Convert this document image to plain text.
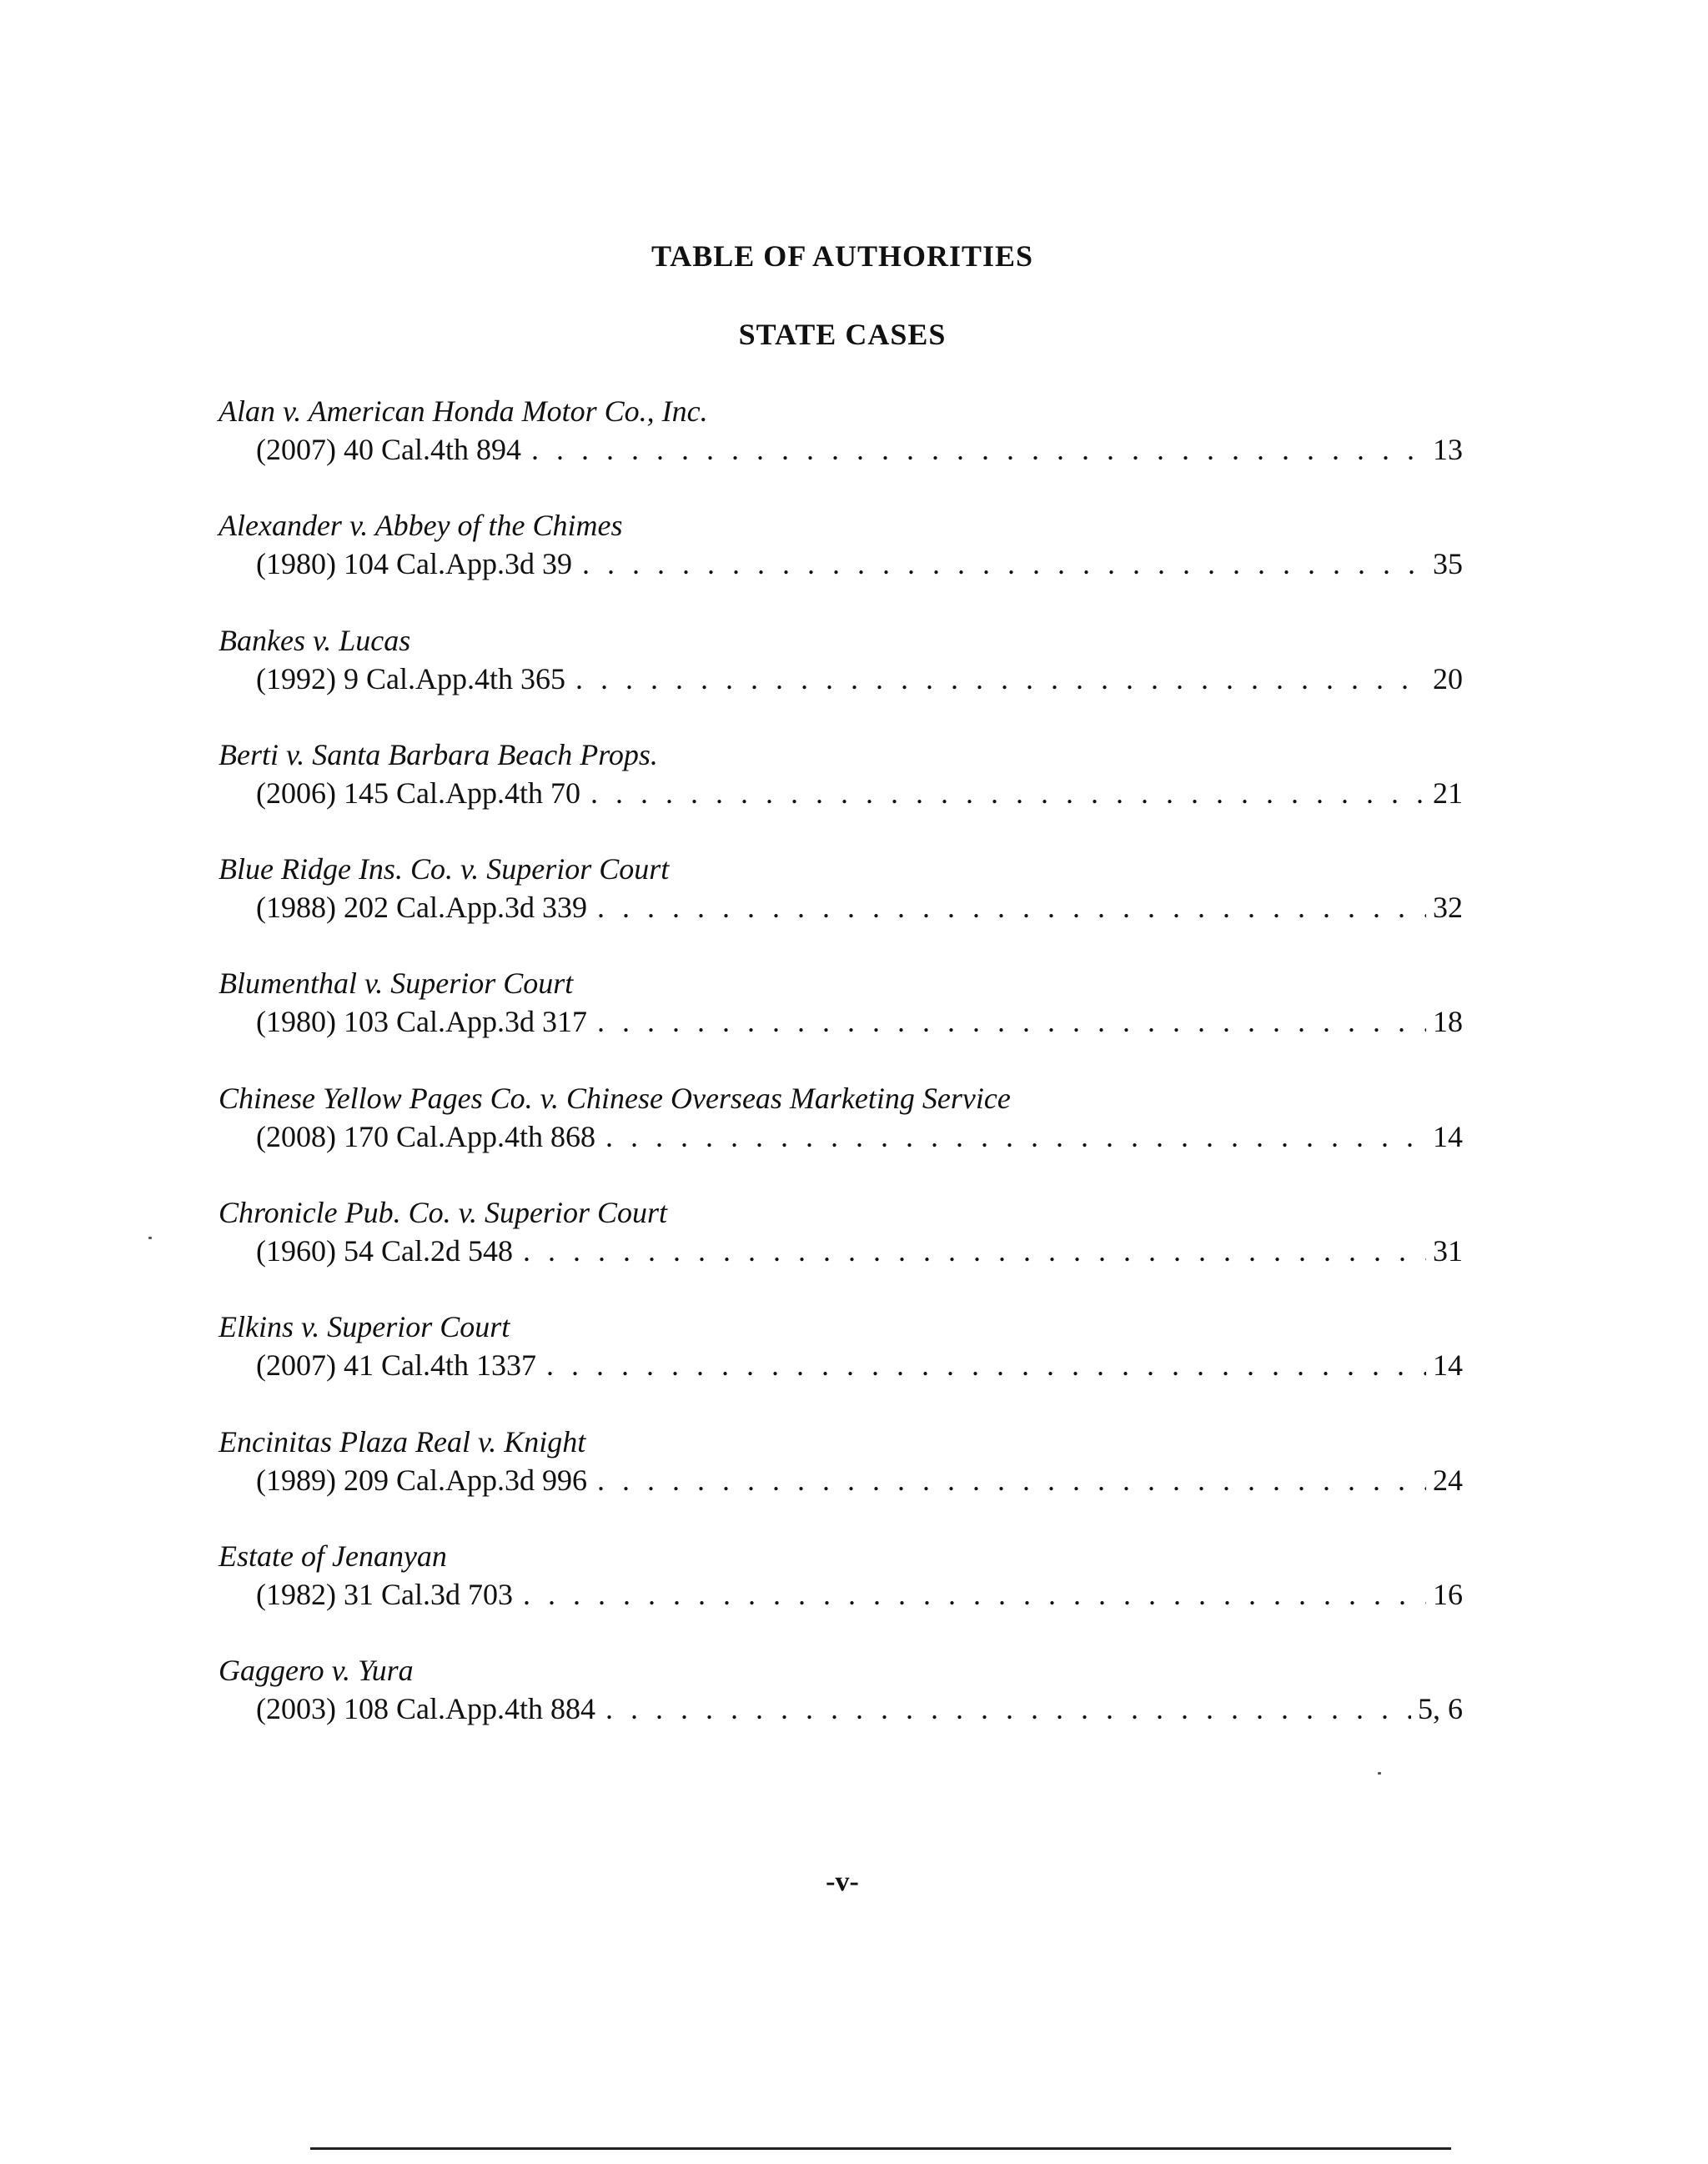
TABLE OF AUTHORITIES
STATE CASES
Alan v. American Honda Motor Co., Inc.
(2007) 40 Cal.4th 894 . . .	13
Alexander v. Abbey of the Chimes
(1980) 104 Cal.App.3d 39 . . .	35
Bankes v. Lucas
(1992) 9 Cal.App.4th 365 . . .	20
Berti v. Santa Barbara Beach Props.
(2006) 145 Cal.App.4th 70 . . .	21
Blue Ridge Ins. Co. v. Superior Court
(1988) 202 Cal.App.3d 339 . . .	32
Blumenthal v. Superior Court
(1980) 103 Cal.App.3d 317 . . .	18
Chinese Yellow Pages Co. v. Chinese Overseas Marketing Service
(2008) 170 Cal.App.4th 868 . . .	14
Chronicle Pub. Co. v. Superior Court
(1960) 54 Cal.2d 548 . . .	31
Elkins v. Superior Court
(2007) 41 Cal.4th 1337 . . .	14
Encinitas Plaza Real v. Knight
(1989) 209 Cal.App.3d 996 . . .	24
Estate of Jenanyan
(1982) 31 Cal.3d 703 . . .	16
Gaggero v. Yura
(2003) 108 Cal.App.4th 884 . . .	5, 6
-v-
